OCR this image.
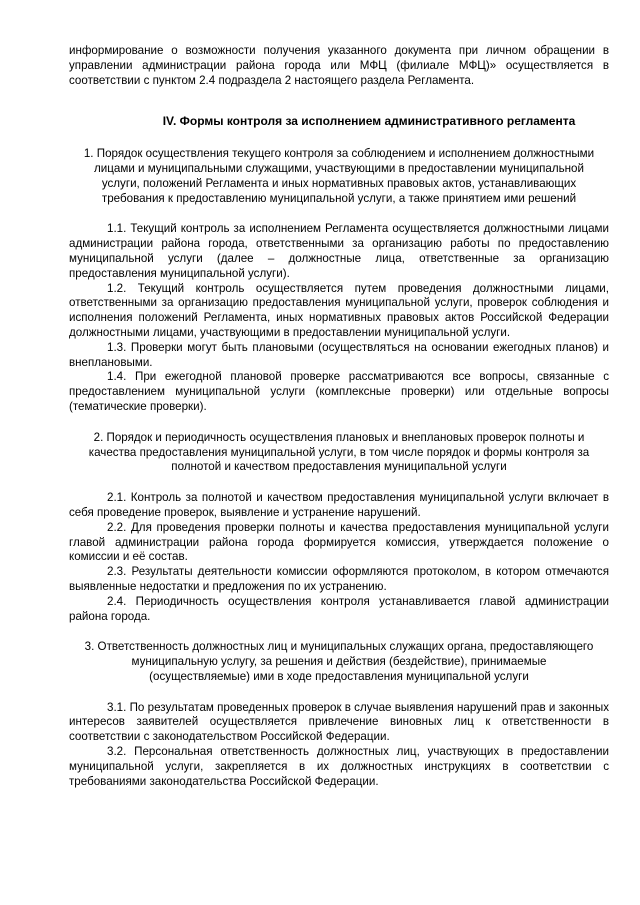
информирование о возможности получения указанного документа при личном обращении в управлении администрации района города или МФЦ (филиале МФЦ)» осуществляется в соответствии с пунктом 2.4 подраздела 2 настоящего раздела Регламента.

IV. Формы контроля за исполнением административного регламента
1. Порядок осуществления текущего контроля за соблюдением и исполнением должностными лицами и муниципальными служащими, участвующими в предоставлении муниципальной услуги, положений Регламента и иных нормативных правовых актов, устанавливающих требования к предоставлению муниципальной услуги, а также принятием ими решений

1.1. Текущий контроль за исполнением Регламента осуществляется должностными лицами администрации района города, ответственными за организацию работы по предоставлению муниципальной услуги (далее – должностные лица, ответственные за организацию предоставления муниципальной услуги).

1.2. Текущий контроль осуществляется путем проведения должностными лицами, ответственными за организацию предоставления муниципальной услуги, проверок соблюдения и исполнения положений Регламента, иных нормативных правовых актов Российской Федерации должностными лицами, участвующими в предоставлении муниципальной услуги.

1.3. Проверки могут быть плановыми (осуществляться на основании ежегодных планов) и внеплановыми.

1.4. При ежегодной плановой проверке рассматриваются все вопросы, связанные с предоставлением муниципальной услуги (комплексные проверки) или отдельные вопросы (тематические проверки).

2. Порядок и периодичность осуществления плановых и внеплановых проверок полноты и качества предоставления муниципальной услуги, в том числе порядок и формы контроля за полнотой и качеством предоставления муниципальной услуги

2.1. Контроль за полнотой и качеством предоставления муниципальной услуги включает в себя проведение проверок, выявление и устранение нарушений.

2.2. Для проведения проверки полноты и качества предоставления муниципальной услуги главой администрации района города формируется комиссия, утверждается положение о комиссии и её состав.

2.3. Результаты деятельности комиссии оформляются протоколом, в котором отмечаются выявленные недостатки и предложения по их устранению.

2.4. Периодичность осуществления контроля устанавливается главой администрации района города.

3. Ответственность должностных лиц и муниципальных служащих органа, предоставляющего муниципальную услугу, за решения и действия (бездействие), принимаемые (осуществляемые) ими в ходе предоставления муниципальной услуги

3.1. По результатам проведенных проверок в случае выявления нарушений прав и законных интересов заявителей осуществляется привлечение виновных лиц к ответственности в соответствии с законодательством Российской Федерации.

3.2. Персональная ответственность должностных лиц, участвующих в предоставлении муниципальной услуги, закрепляется в их должностных инструкциях в соответствии с требованиями законодательства Российской Федерации.
